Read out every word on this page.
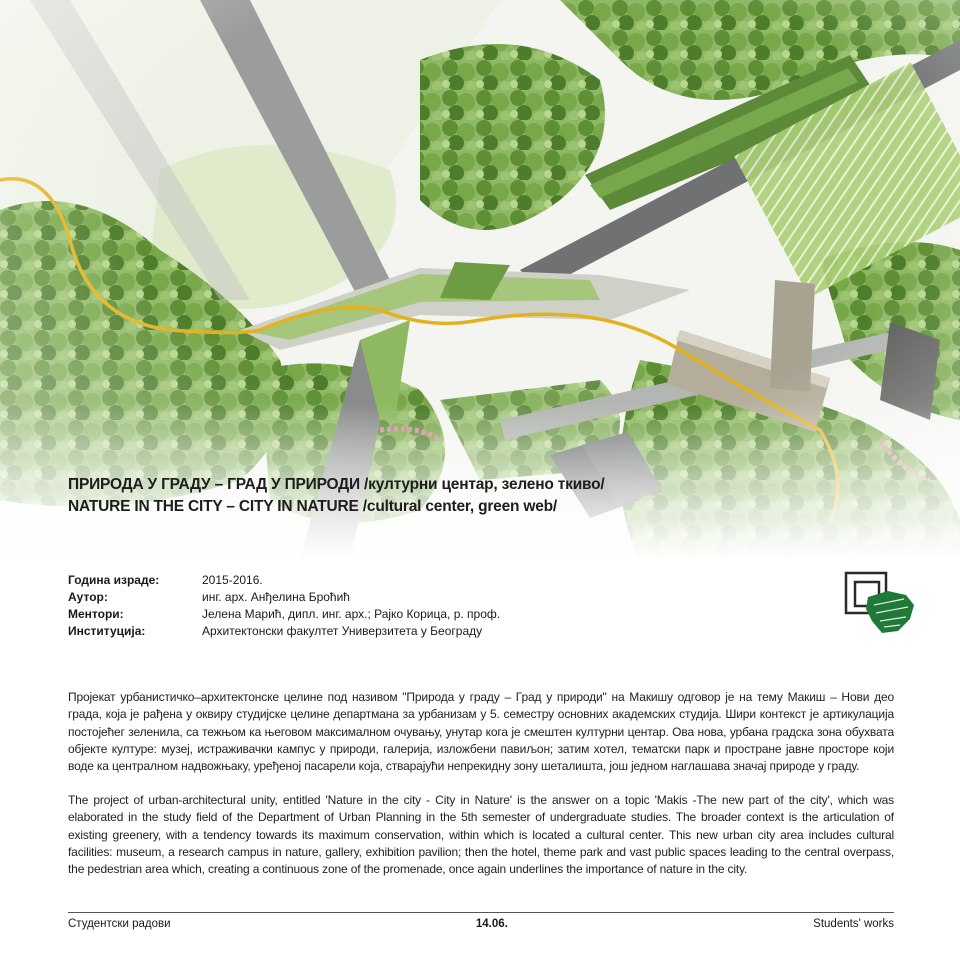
ПРИРОДА У ГРАДУ – ГРАД У ПРИРОДИ /културни центар, зелено ткиво/
NATURE IN THE CITY – CITY IN NATURE /cultural center, green web/
Година израде:	2015-2016.
Аутор:	инг. арх. Анђелина Броћић
Ментори:	Јелена Марић, дипл. инг. арх.; Рајко Корица, р. проф.
Институција:	Архитектонски факултет Универзитета у Београду
Пројекат урбанистичко–архитектонске целине под називом "Природа у граду – Град у природи" на Макишу одговор је на тему Макиш – Нови део града, која је рађена у оквиру студијске целине департмана за урбанизам у 5. семестру основних академских студија. Шири контекст је артикулација постојећег зеленила, са тежњом ка његовом максималном очувању, унутар кога је смештен културни центар. Ова нова, урбана градска зона обухвата објекте културе: музеј, истраживачки кампус у природи, галерија, изложбени павиљон; затим хотел, тематски парк и простране јавне просторе који воде ка централном надвожњаку, уређеној пасарели која, стварајући непрекидну зону шеталишта, још једном наглашава значај природе у граду.
The project of urban-architectural unity, entitled 'Nature in the city - City in Nature' is the answer on a topic 'Makis -The new part of the city', which was elaborated in the study field of the Department of Urban Planning in the 5th semester of undergraduate studies. The broader context is the articulation of existing greenery, with a tendency towards its maximum conservation, within which is located a cultural center. This new urban city area includes cultural facilities: museum, a research campus in nature, gallery, exhibition pavilion; then the hotel, theme park and vast public spaces leading to the central overpass, the pedestrian area which, creating a continuous zone of the promenade, once again underlines the importance of nature in the city.
Студентски радови	14.06.	Students' works
